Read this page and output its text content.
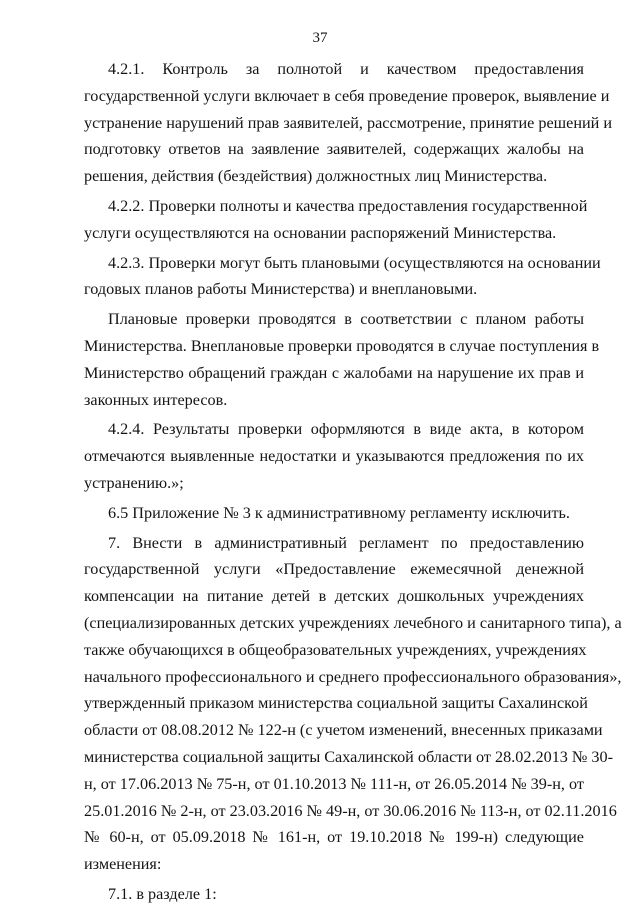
37
4.2.1. Контроль за полнотой и качеством предоставления
государственной услуги включает в себя проведение проверок, выявление и
устранение нарушений прав заявителей, рассмотрение, принятие решений и
подготовку ответов на заявление заявителей, содержащих жалобы на
решения, действия (бездействия) должностных лиц Министерства.
4.2.2. Проверки полноты и качества предоставления государственной
услуги осуществляются на основании распоряжений Министерства.
4.2.3. Проверки могут быть плановыми (осуществляются на основании
годовых планов работы Министерства) и внеплановыми.
Плановые проверки проводятся в соответствии с планом работы
Министерства. Внеплановые проверки проводятся в случае поступления в
Министерство обращений граждан с жалобами на нарушение их прав и
законных интересов.
4.2.4. Результаты проверки оформляются в виде акта, в котором
отмечаются выявленные недостатки и указываются предложения по их
устранению.»;
6.5 Приложение № 3 к административному регламенту исключить.
7. Внести в административный регламент по предоставлению
государственной услуги «Предоставление ежемесячной денежной
компенсации на питание детей в детских дошкольных учреждениях
(специализированных детских учреждениях лечебного и санитарного типа), а
также обучающихся в общеобразовательных учреждениях, учреждениях
начального профессионального и среднего профессионального образования»,
утвержденный приказом министерства социальной защиты Сахалинской
области от 08.08.2012 № 122-н (с учетом изменений, внесенных приказами
министерства социальной защиты Сахалинской области от 28.02.2013 № 30-
н, от 17.06.2013 № 75-н, от 01.10.2013 № 111-н, от 26.05.2014 № 39-н, от
25.01.2016 № 2-н, от 23.03.2016 № 49-н, от 30.06.2016 № 113-н, от 02.11.2016
№ 60-н, от 05.09.2018 № 161-н, от 19.10.2018 № 199-н) следующие
изменения:
7.1. в разделе 1:
